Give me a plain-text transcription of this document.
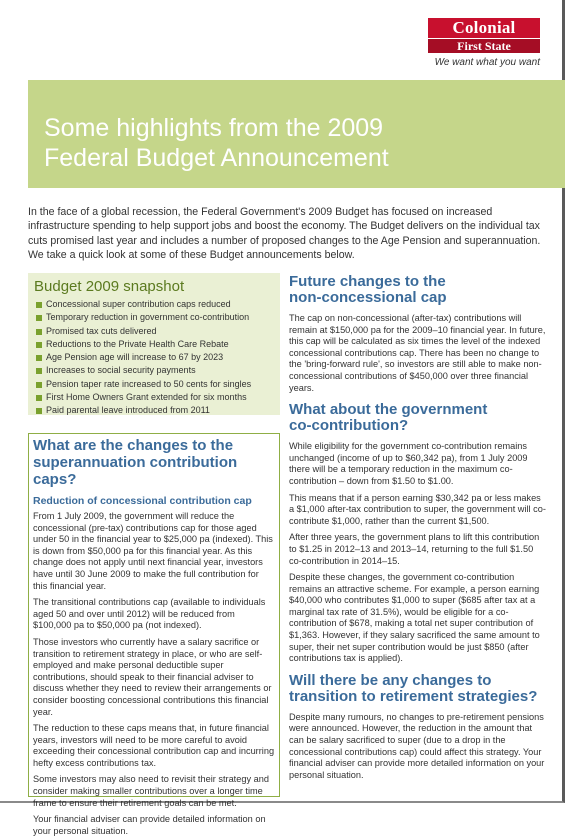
Colonial
First State
We want what you want
Some highlights from the 2009
Federal Budget Announcement

In the face of a global recession, the Federal Government's 2009 Budget has focused on increased infrastructure spending to help support jobs and boost the economy. The Budget delivers on the individual tax cuts promised last year and includes a number of proposed changes to the Age Pension and superannuation. We take a quick look at some of these Budget announcements below.

Budget 2009 snapshot
Concessional super contribution caps reduced
Temporary reduction in government co-contribution
Promised tax cuts delivered
Reductions to the Private Health Care Rebate
Age Pension age will increase to 67 by 2023
Increases to social security payments
Pension taper rate increased to 50 cents for singles
First Home Owners Grant extended for six months
Paid parental leave introduced from 2011
What are the changes to the
superannuation contribution caps?
Reduction of concessional contribution cap

From 1 July 2009, the government will reduce the concessional (pre-tax) contributions cap for those aged under 50 in the financial year to $25,000 pa (indexed). This is down from $50,000 pa for this financial year. As this change does not apply until next financial year, investors have until 30 June 2009 to make the full contribution for this financial year.

The transitional contributions cap (available to individuals aged 50 and over until 2012) will be reduced from $100,000 pa to $50,000 pa (not indexed).

Those investors who currently have a salary sacrifice or transition to retirement strategy in place, or who are self-employed and make personal deductible super contributions, should speak to their financial adviser to discuss whether they need to review their arrangements or consider boosting concessional contributions this financial year.

The reduction to these caps means that, in future financial years, investors will need to be more careful to avoid exceeding their concessional contribution cap and incurring hefty excess contributions tax.

Some investors may also need to revisit their strategy and consider making smaller contributions over a longer time frame to ensure their retirement goals can be met.

Your financial adviser can provide detailed information on your personal situation.

Future changes to the
non-concessional cap

The cap on non-concessional (after-tax) contributions will remain at $150,000 pa for the 2009–10 financial year. In future, this cap will be calculated as six times the level of the indexed concessional contributions cap. There has been no change to the 'bring-forward rule', so investors are still able to make non-concessional contributions of $450,000 over three financial years.

What about the government
co-contribution?

While eligibility for the government co-contribution remains unchanged (income of up to $60,342 pa), from 1 July 2009 there will be a temporary reduction in the maximum co-contribution – down from $1.50 to $1.00.

This means that if a person earning $30,342 pa or less makes a $1,000 after-tax contribution to super, the government will co-contribute $1,000, rather than the current $1,500.

After three years, the government plans to lift this contribution to $1.25 in 2012–13 and 2013–14, returning to the full $1.50 co-contribution in 2014–15.

Despite these changes, the government co-contribution remains an attractive scheme. For example, a person earning $40,000 who contributes $1,000 to super ($685 after tax at a marginal tax rate of 31.5%), would be eligible for a co-contribution of $678, making a total net super contribution of $1,363. However, if they salary sacrificed the same amount to super, their net super contribution would be just $850 (after contributions tax is applied).

Will there be any changes to
transition to retirement strategies?

Despite many rumours, no changes to pre-retirement pensions were announced. However, the reduction in the amount that can be salary sacrificed to super (due to a drop in the concessional contributions cap) could affect this strategy. Your financial adviser can provide more detailed information on your personal situation.
